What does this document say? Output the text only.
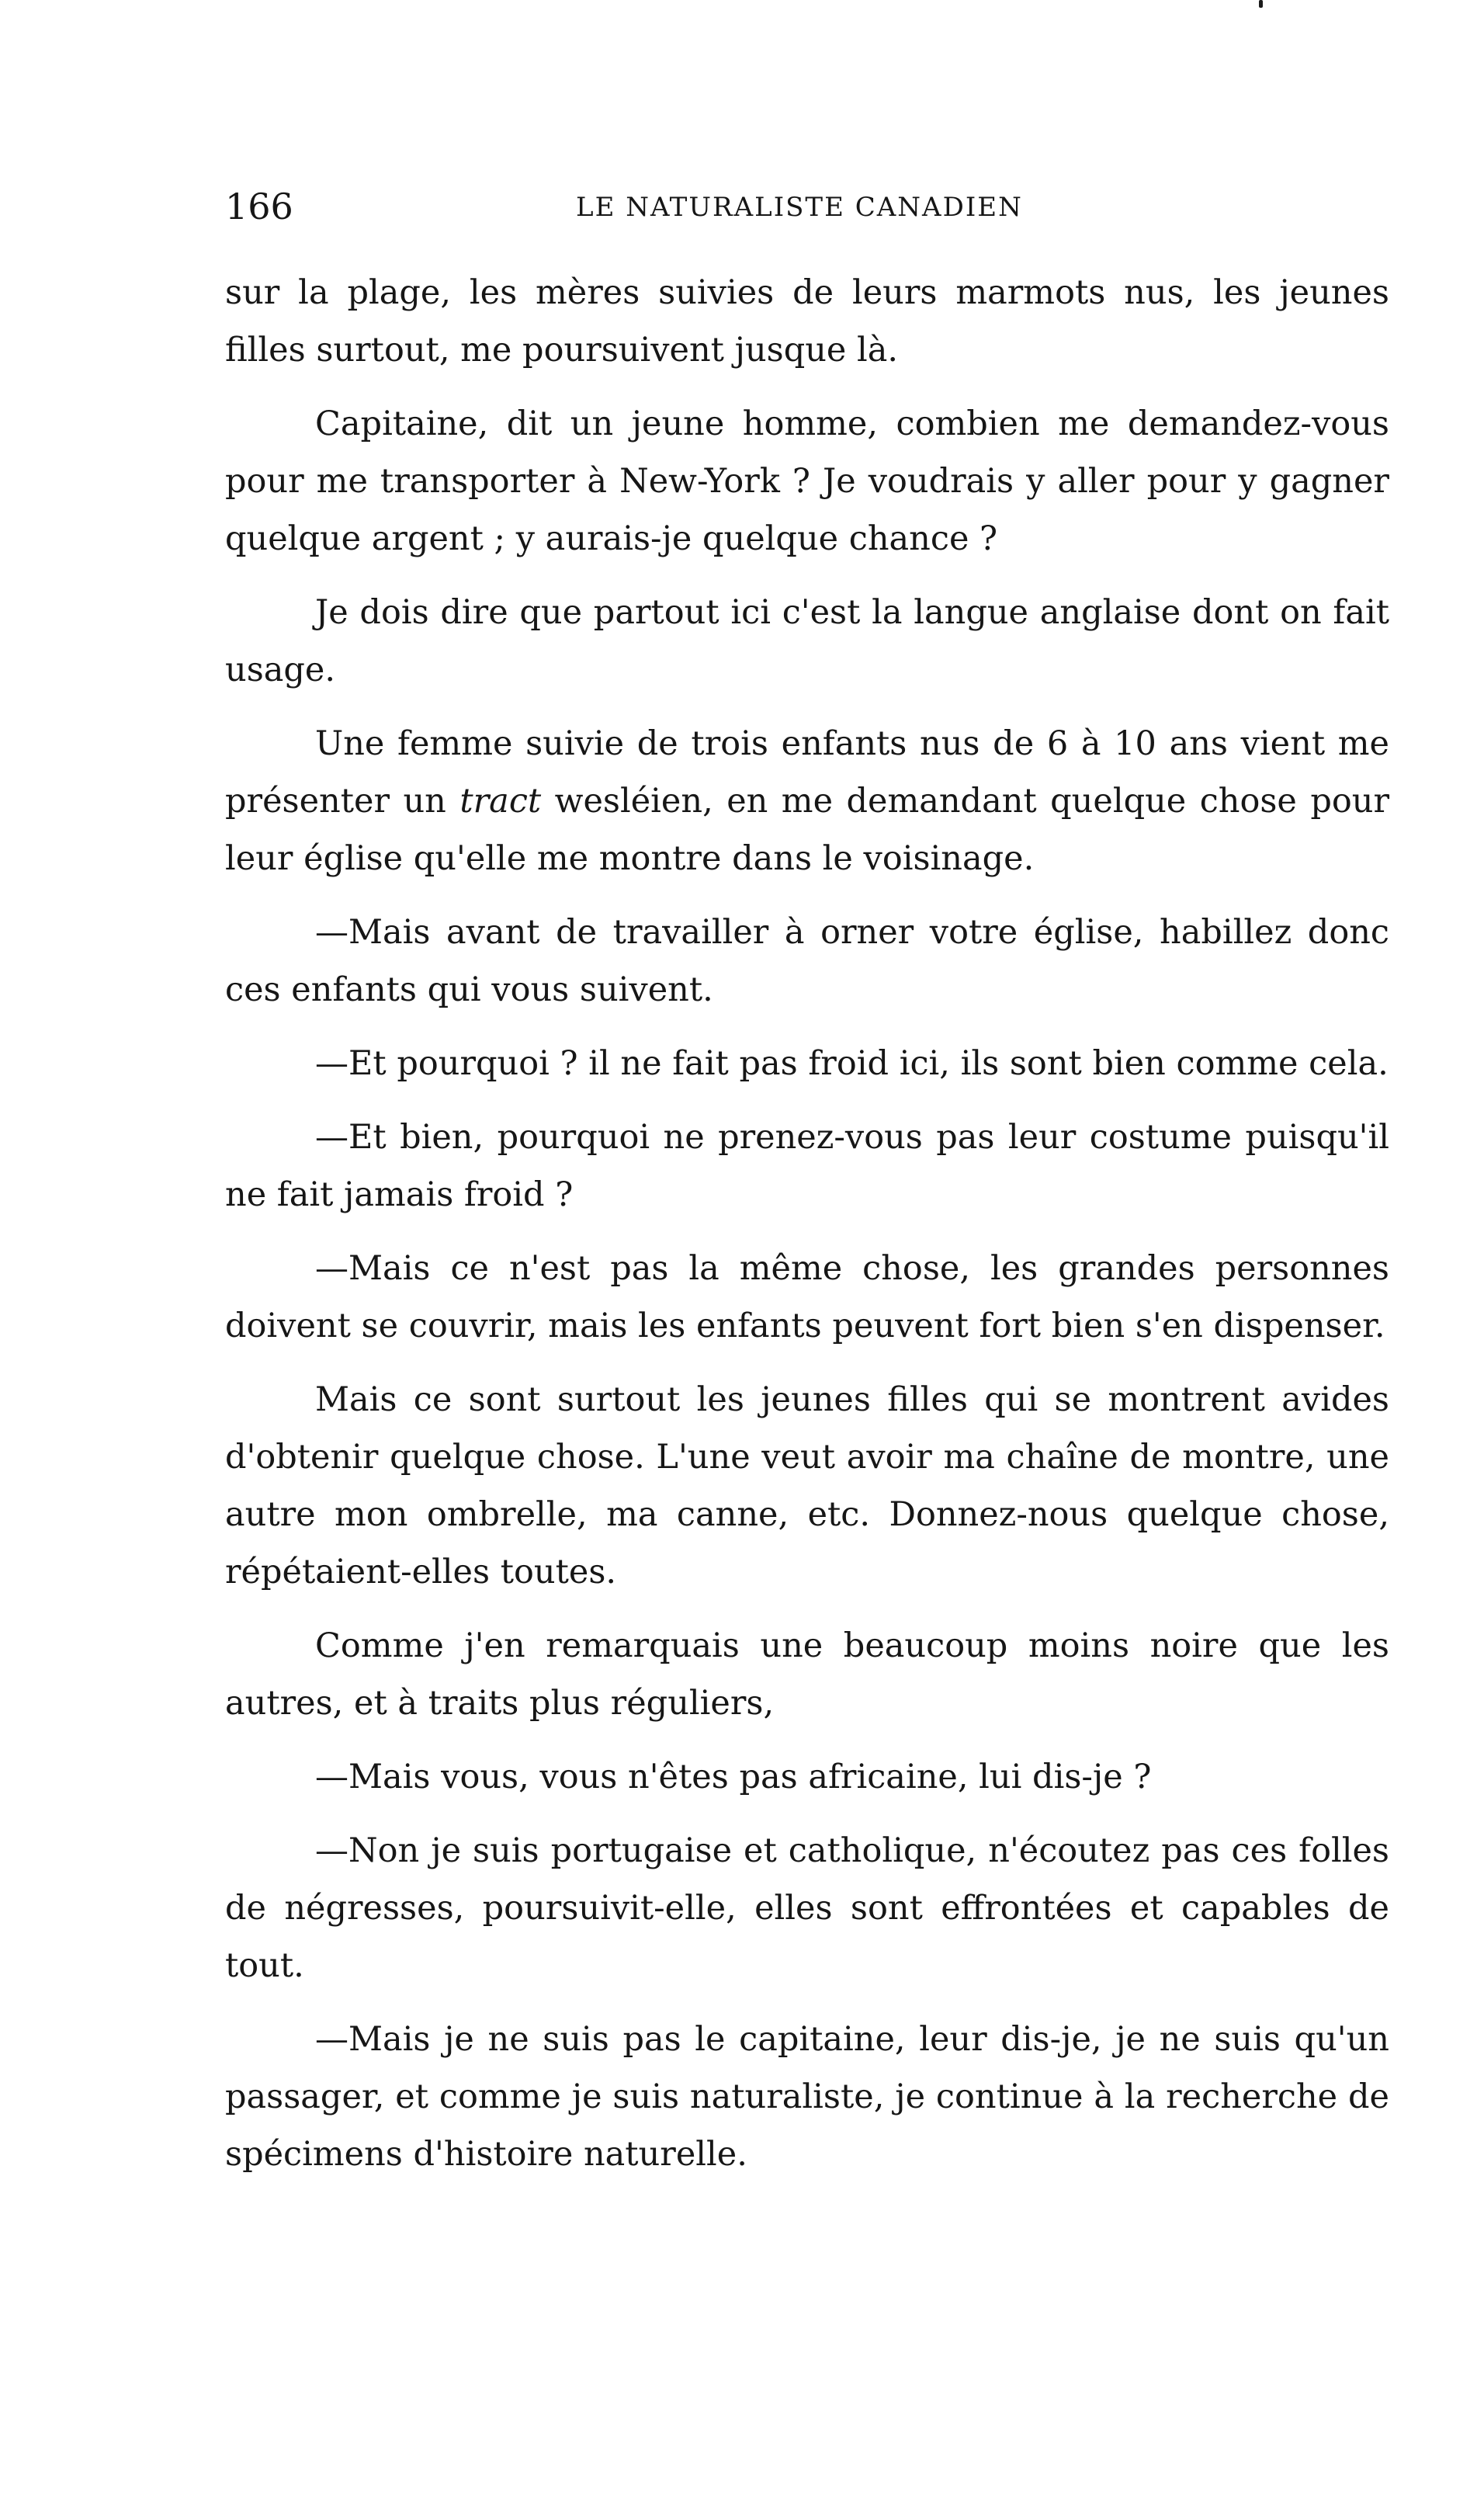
166	LE NATURALISTE CANADIEN

sur la plage, les mères suivies de leurs marmots nus, les jeunes filles surtout, me poursuivent jusque là.

Capitaine, dit un jeune homme, combien me demandez-vous pour me transporter à New-York ? Je voudrais y aller pour y gagner quelque argent ; y aurais-je quelque chance ?

Je dois dire que partout ici c'est la langue anglaise dont on fait usage.

Une femme suivie de trois enfants nus de 6 à 10 ans vient me présenter un tract wesléien, en me demandant quelque chose pour leur église qu'elle me montre dans le voisinage.

—Mais avant de travailler à orner votre église, habillez donc ces enfants qui vous suivent.

—Et pourquoi ? il ne fait pas froid ici, ils sont bien comme cela.

—Et bien, pourquoi ne prenez-vous pas leur costume puisqu'il ne fait jamais froid ?

—Mais ce n'est pas la même chose, les grandes personnes doivent se couvrir, mais les enfants peuvent fort bien s'en dispenser.

Mais ce sont surtout les jeunes filles qui se montrent avides d'obtenir quelque chose. L'une veut avoir ma chaîne de montre, une autre mon ombrelle, ma canne, etc. Donnez-nous quelque chose, répétaient-elles toutes.

Comme j'en remarquais une beaucoup moins noire que les autres, et à traits plus réguliers,

—Mais vous, vous n'êtes pas africaine, lui dis-je ?

—Non je suis portugaise et catholique, n'écoutez pas ces folles de négresses, poursuivit-elle, elles sont effrontées et capables de tout.

—Mais je ne suis pas le capitaine, leur dis-je, je ne suis qu'un passager, et comme je suis naturaliste, je continue à la recherche de spécimens d'histoire naturelle.
